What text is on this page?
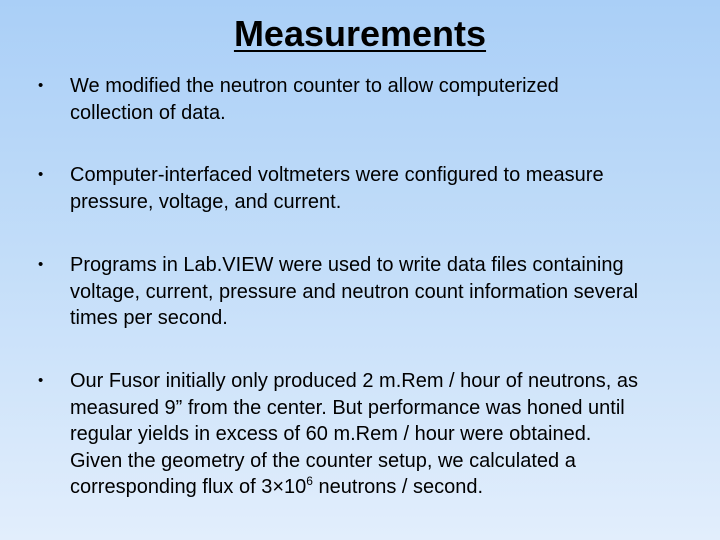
Measurements
• We modified the neutron counter to allow computerized
collection of data.
• Computer-interfaced voltmeters were configured to measure
pressure, voltage, and current.
• Programs in Lab.VIEW were used to write data files containing
voltage, current, pressure and neutron count information several
times per second.
• Our Fusor initially only produced 2 m.Rem / hour of neutrons, as
measured 9” from the center. But performance was honed until
regular yields in excess of 60 m.Rem / hour were obtained.
Given the geometry of the counter setup, we calculated a
corresponding flux of $3\times 10^6$ neutrons / second.
